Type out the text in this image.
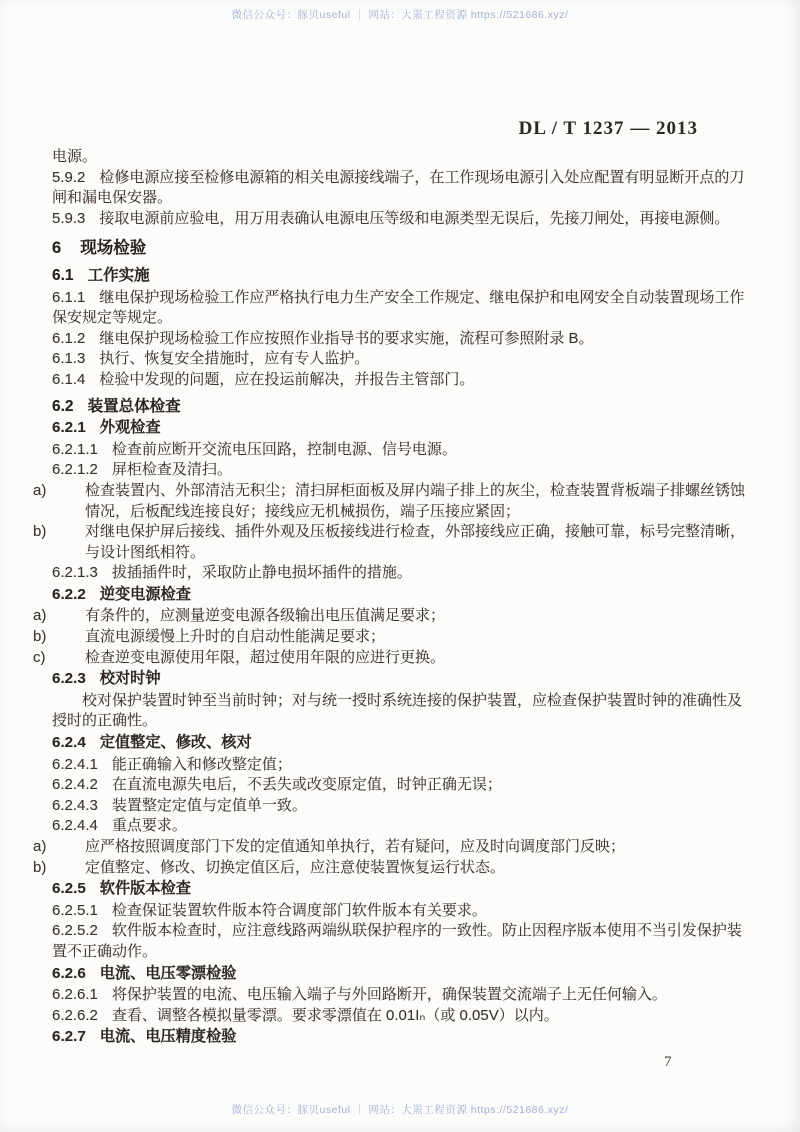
微信公众号：豚贝useful ｜ 网站：大罴工程资源 https://521686.xyz/
DL / T 1237 — 2013

电源。

5.9.2 检修电源应接至检修电源箱的相关电源接线端子，在工作现场电源引入处应配置有明显断开点的刀闸和漏电保安器。

5.9.3 接取电源前应验电，用万用表确认电源电压等级和电源类型无误后，先接刀闸处，再接电源侧。

6 现场检验

6.1 工作实施

6.1.1 继电保护现场检验工作应严格执行电力生产安全工作规定、继电保护和电网安全自动装置现场工作保安规定等规定。

6.1.2 继电保护现场检验工作应按照作业指导书的要求实施，流程可参照附录 B。

6.1.3 执行、恢复安全措施时，应有专人监护。

6.1.4 检验中发现的问题，应在投运前解决，并报告主管部门。

6.2 装置总体检查

6.2.1 外观检查

6.2.1.1 检查前应断开交流电压回路，控制电源、信号电源。

6.2.1.2 屏柜检查及清扫。

a)	检查装置内、外部清洁无积尘；清扫屏柜面板及屏内端子排上的灰尘，检查装置背板端子排螺丝锈蚀情况，后板配线连接良好；接线应无机械损伤，端子压接应紧固；

b)	对继电保护屏后接线、插件外观及压板接线进行检查，外部接线应正确，接触可靠，标号完整清晰，与设计图纸相符。

6.2.1.3 拔插插件时，采取防止静电损坏插件的措施。

6.2.2 逆变电源检查

a)	有条件的，应测量逆变电源各级输出电压值满足要求；

b)	直流电源缓慢上升时的自启动性能满足要求；

c)	检查逆变电源使用年限，超过使用年限的应进行更换。

6.2.3 校对时钟

校对保护装置时钟至当前时钟；对与统一授时系统连接的保护装置，应检查保护装置时钟的准确性及授时的正确性。

6.2.4 定值整定、修改、核对

6.2.4.1 能正确输入和修改整定值；

6.2.4.2 在直流电源失电后，不丢失或改变原定值，时钟正确无误；

6.2.4.3 装置整定定值与定值单一致。

6.2.4.4 重点要求。

a)	应严格按照调度部门下发的定值通知单执行，若有疑问，应及时向调度部门反映；

b)	定值整定、修改、切换定值区后，应注意使装置恢复运行状态。

6.2.5 软件版本检查

6.2.5.1 检查保证装置软件版本符合调度部门软件版本有关要求。

6.2.5.2 软件版本检查时，应注意线路两端纵联保护程序的一致性。防止因程序版本使用不当引发保护装置不正确动作。

6.2.6 电流、电压零漂检验

6.2.6.1 将保护装置的电流、电压输入端子与外回路断开，确保装置交流端子上无任何输入。

6.2.6.2 查看、调整各模拟量零漂。要求零漂值在 0.01Iₙ（或 0.05V）以内。

6.2.7 电流、电压精度检验

7
微信公众号：豚贝useful ｜ 网站：大罴工程资源 https://521686.xyz/
